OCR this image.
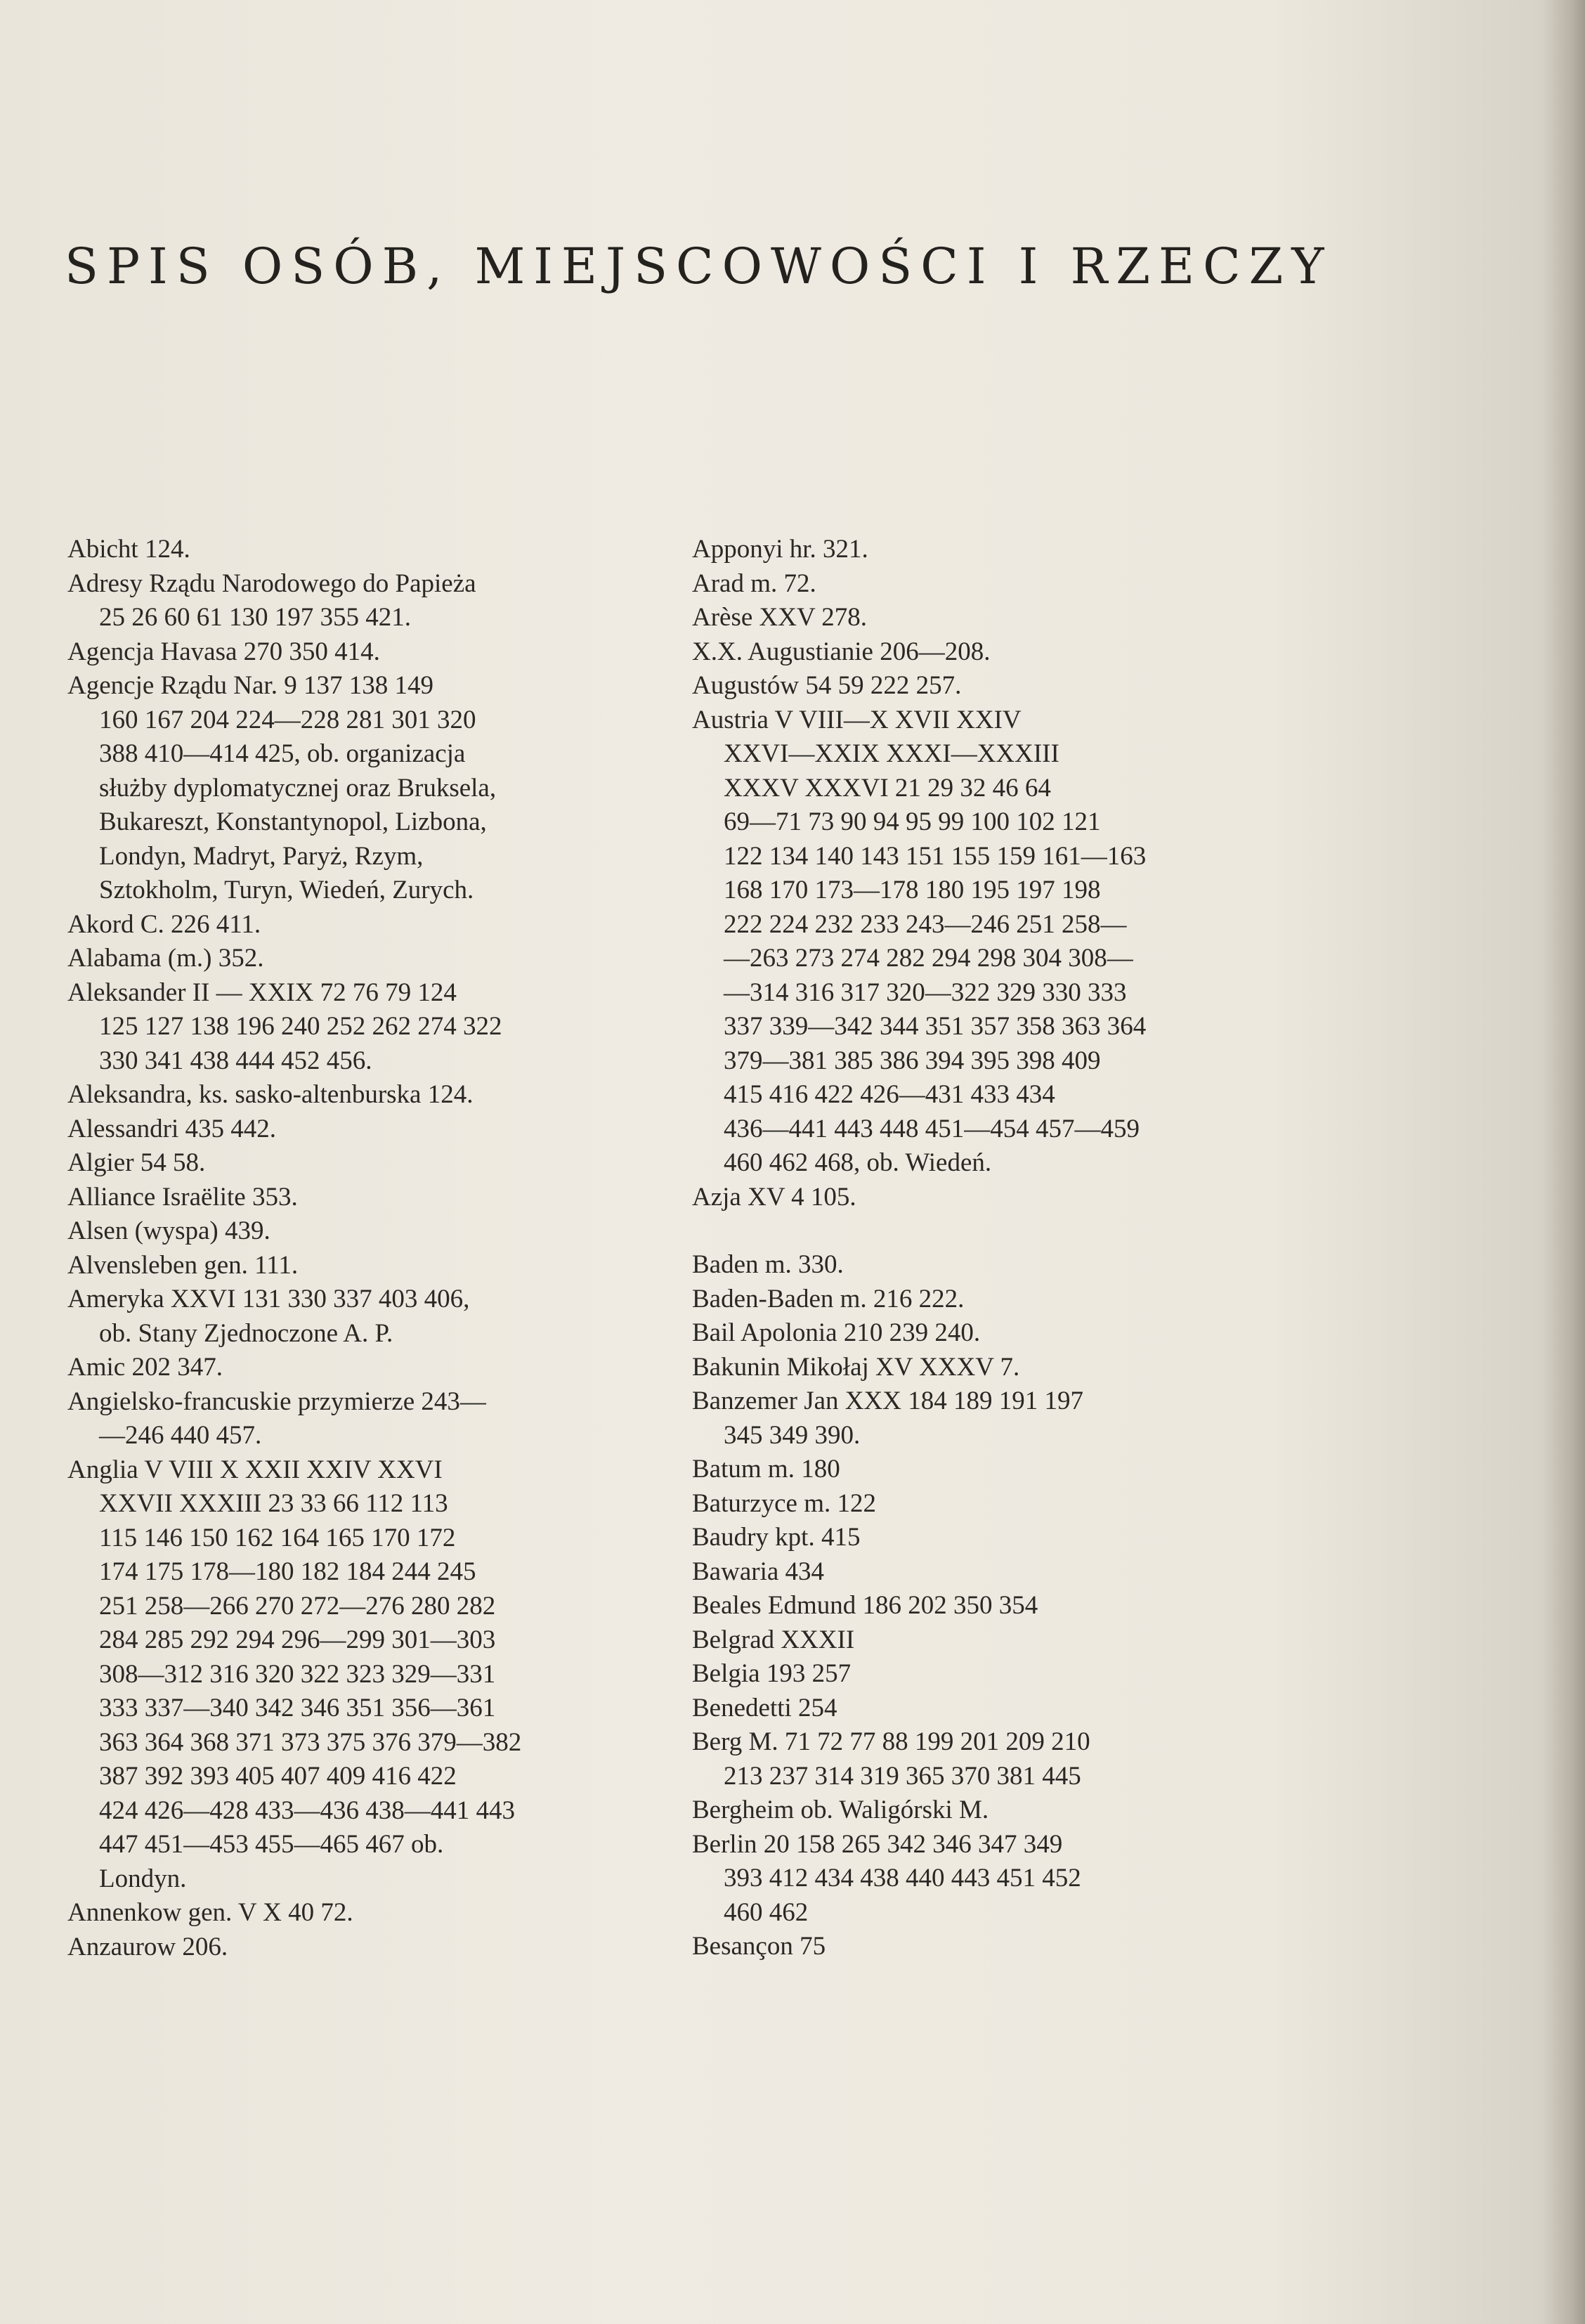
SPIS OSÓB, MIEJSCOWOŚCI I RZECZY

Abicht 124.

Adresy Rządu Narodowego do Papieża
25 26 60 61 130 197 355 421.

Agencja Havasa 270 350 414.

Agencje Rządu Nar. 9 137 138 149
160 167 204 224—228 281 301 320
388 410—414 425, ob. organizacja
służby dyplomatycznej oraz Bruksela,
Bukareszt, Konstantynopol, Lizbona,
Londyn, Madryt, Paryż, Rzym,
Sztokholm, Turyn, Wiedeń, Zurych.

Akord C. 226 411.

Alabama (m.) 352.

Aleksander II — XXIX 72 76 79 124
125 127 138 196 240 252 262 274 322
330 341 438 444 452 456.

Aleksandra, ks. sasko-altenburska 124.

Alessandri 435 442.

Algier 54 58.

Alliance Israëlite 353.

Alsen (wyspa) 439.

Alvensleben gen. 111.

Ameryka XXVI 131 330 337 403 406,
ob. Stany Zjednoczone A. P.

Amic 202 347.

Angielsko-francuskie przymierze 243—
—246 440 457.

Anglia V VIII X XXII XXIV XXVI
XXVII XXXIII 23 33 66 112 113
115 146 150 162 164 165 170 172
174 175 178—180 182 184 244 245
251 258—266 270 272—276 280 282
284 285 292 294 296—299 301—303
308—312 316 320 322 323 329—331
333 337—340 342 346 351 356—361
363 364 368 371 373 375 376 379—382
387 392 393 405 407 409 416 422
424 426—428 433—436 438—441 443
447 451—453 455—465 467 ob.
Londyn.

Annenkow gen. V X 40 72.

Anzaurow 206.

Apponyi hr. 321.

Arad m. 72.

Arèse XXV 278.

X.X. Augustianie 206—208.

Augustów 54 59 222 257.

Austria V VIII—X XVII XXIV
XXVI—XXIX XXXI—XXXIII
XXXV XXXVI 21 29 32 46 64
69—71 73 90 94 95 99 100 102 121
122 134 140 143 151 155 159 161—163
168 170 173—178 180 195 197 198
222 224 232 233 243—246 251 258—
—263 273 274 282 294 298 304 308—
—314 316 317 320—322 329 330 333
337 339—342 344 351 357 358 363 364
379—381 385 386 394 395 398 409
415 416 422 426—431 433 434
436—441 443 448 451—454 457—459
460 462 468, ob. Wiedeń.

Azja XV 4 105.

Baden m. 330.

Baden-Baden m. 216 222.

Bail Apolonia 210 239 240.

Bakunin Mikołaj XV XXXV 7.

Banzemer Jan XXX 184 189 191 197
345 349 390.

Batum m. 180

Baturzyce m. 122

Baudry kpt. 415

Bawaria 434

Beales Edmund 186 202 350 354

Belgrad XXXII

Belgia 193 257

Benedetti 254

Berg M. 71 72 77 88 199 201 209 210
213 237 314 319 365 370 381 445

Bergheim ob. Waligórski M.

Berlin 20 158 265 342 346 347 349
393 412 434 438 440 443 451 452
460 462

Besançon 75
